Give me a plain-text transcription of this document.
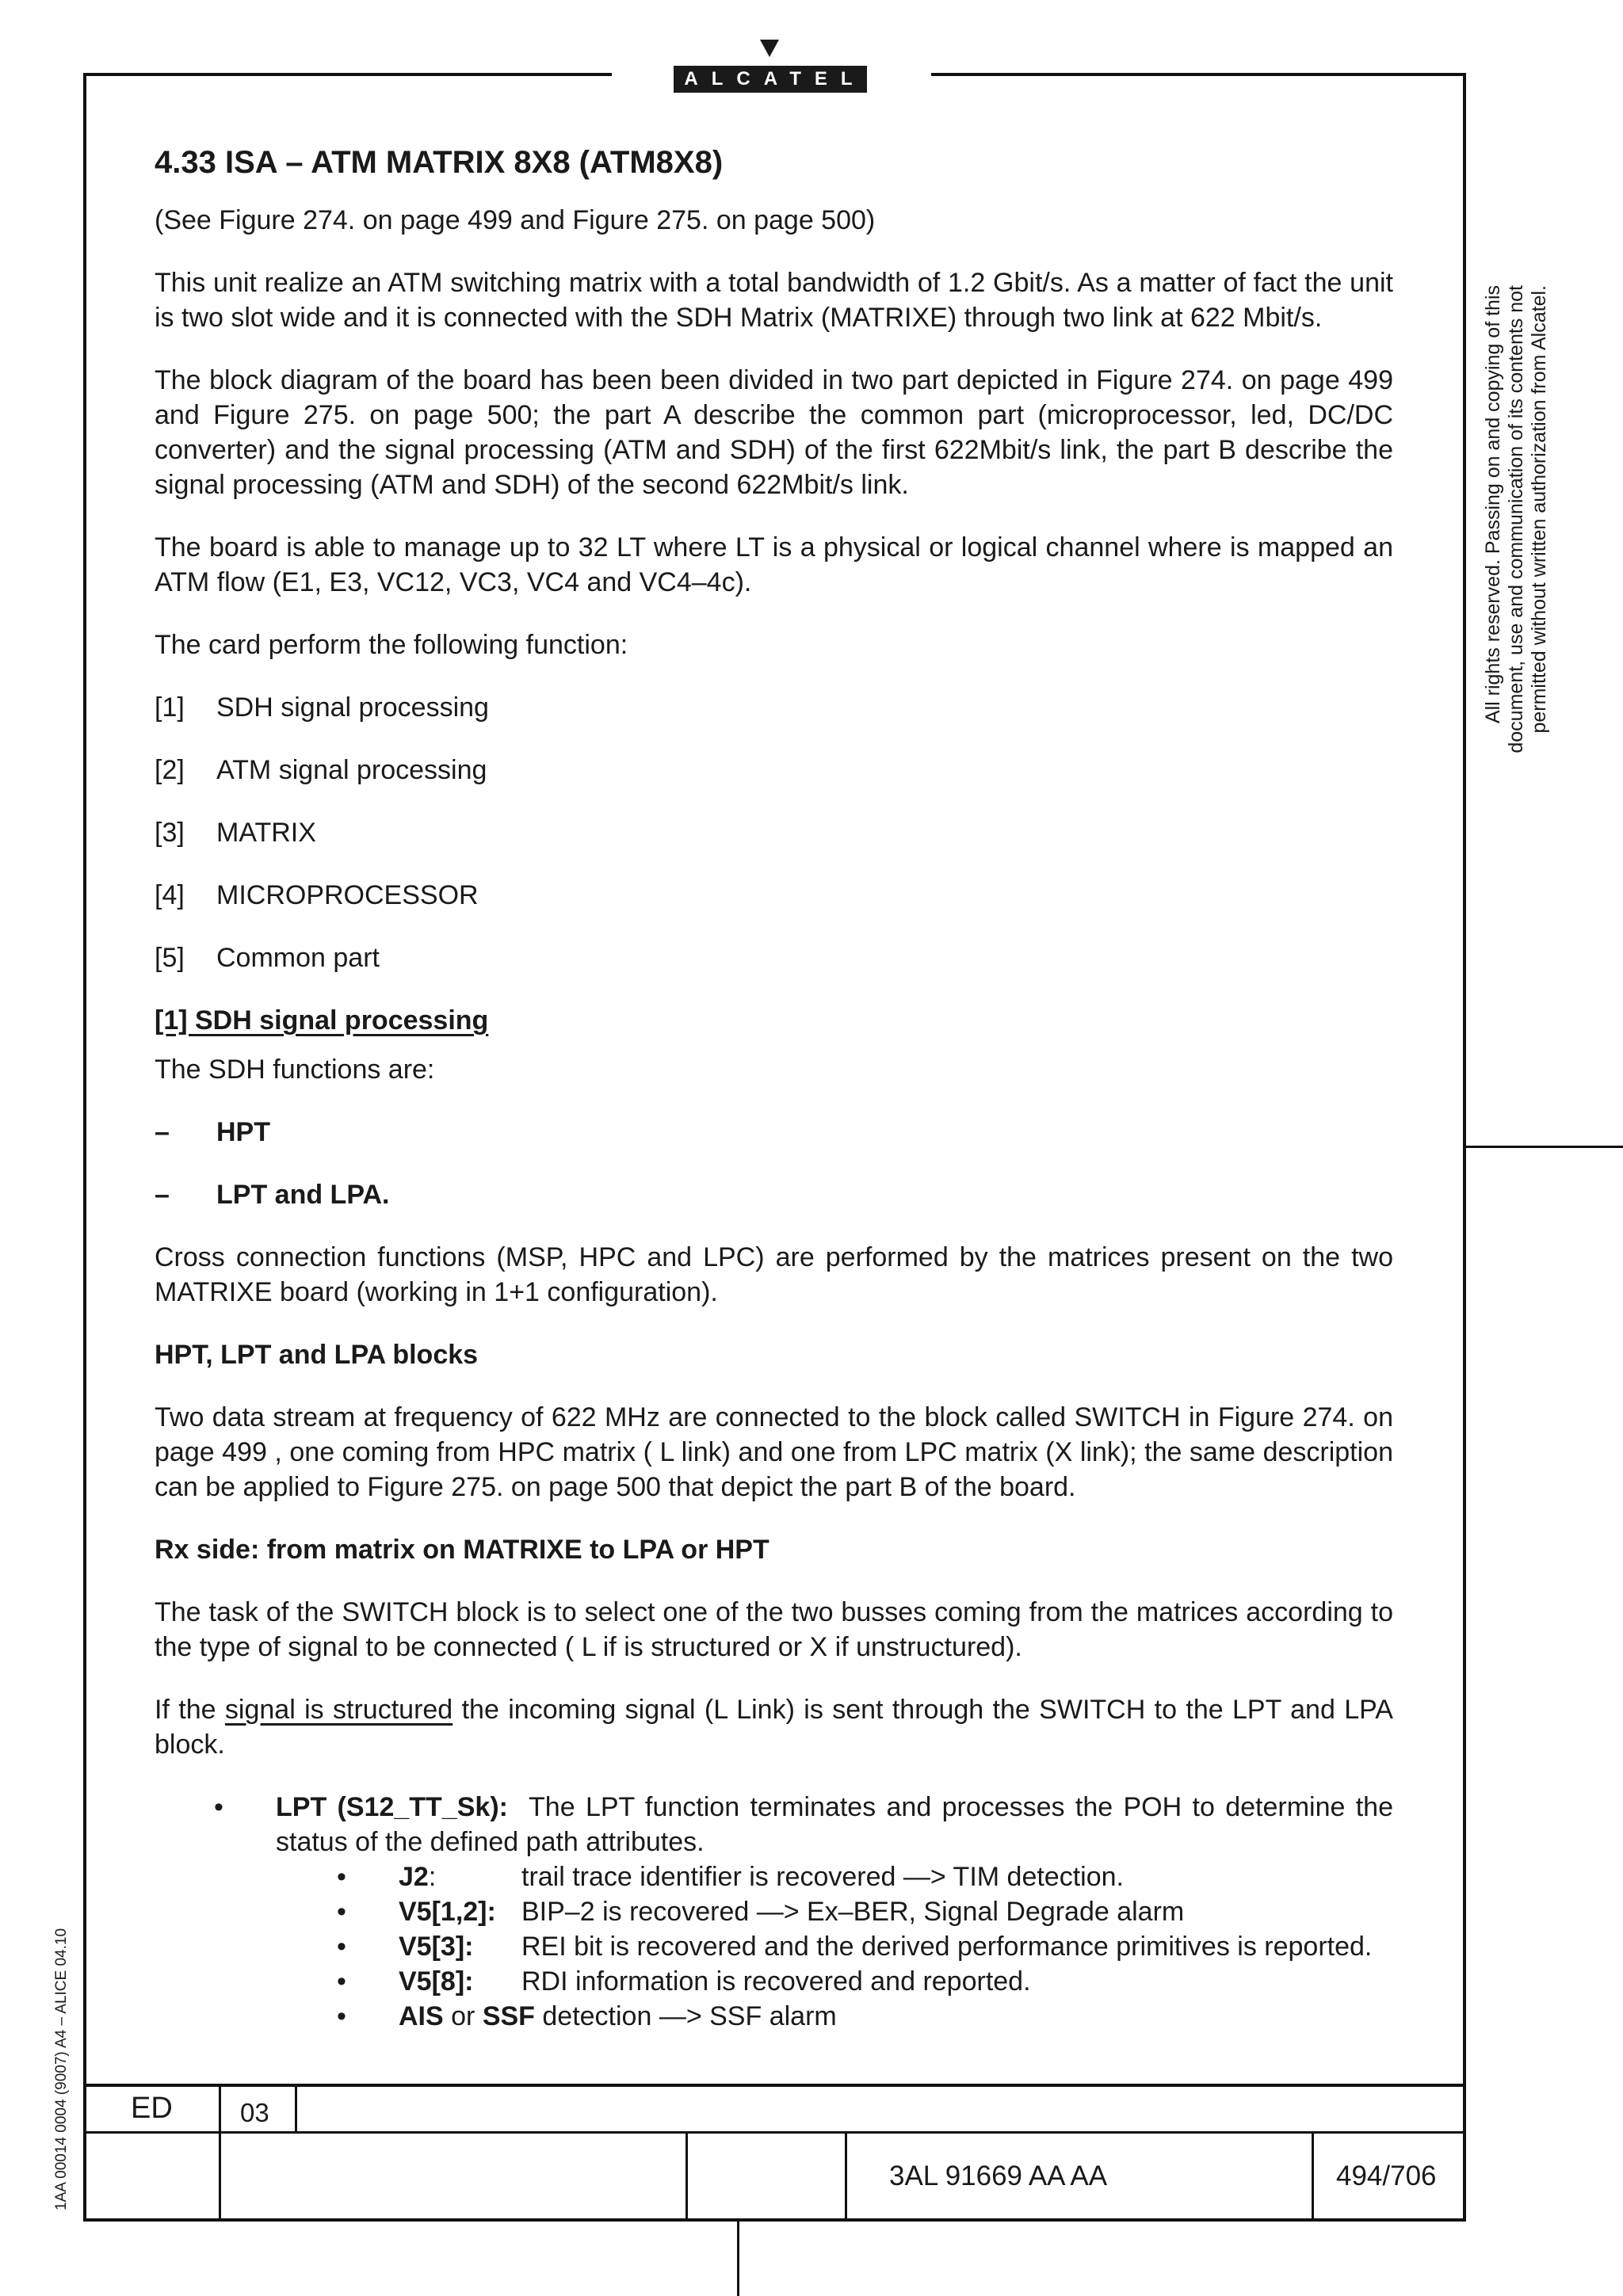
ALCATEL
All rights reserved. Passing on and copying of this document, use and communication of its contents not permitted without written authorization from Alcatel.
1AA 00014 0004 (9007) A4 – ALICE 04.10

4.33 ISA – ATM MATRIX 8X8 (ATM8X8)

(See Figure 274. on page 499 and Figure 275. on page 500)

This unit realize an ATM switching matrix with a total bandwidth of 1.2 Gbit/s. As a matter of fact the unit is two slot wide and it is connected with the SDH Matrix (MATRIXE) through two link at 622 Mbit/s.

The block diagram of the board has been been divided in two part depicted in Figure 274. on page 499 and Figure 275. on page 500; the part A describe the common part (microprocessor, led, DC/DC converter) and the signal processing (ATM and SDH) of the first 622Mbit/s link, the part B describe the signal processing (ATM and SDH) of the second 622Mbit/s link.

The board is able to manage up to 32 LT where LT is a physical or logical channel where is mapped an ATM flow (E1, E3, VC12, VC3, VC4 and VC4–4c).

The card perform the following function:

[1]	SDH signal processing
[2]	ATM signal processing
[3]	MATRIX
[4]	MICROPROCESSOR
[5]	Common part

[1] SDH signal processing

The SDH functions are:

–	HPT
–	LPT and LPA.

Cross connection functions (MSP, HPC and LPC) are performed by the matrices present on the two MATRIXE board (working in 1+1 configuration).

HPT, LPT and LPA blocks

Two data stream at frequency of 622 MHz are connected to the block called SWITCH in Figure 274. on page 499 , one coming from HPC matrix ( L link) and one from LPC matrix (X link); the same description can be applied to Figure 275. on page 500 that depict the part B of the board.

Rx side: from matrix on MATRIXE to LPA or HPT

The task of the SWITCH block is to select one of the two busses coming from the matrices according to the type of signal to be connected ( L if is structured or X if unstructured).

If the signal is structured the incoming signal (L Link) is sent through the SWITCH to the LPT and LPA block.

•	LPT (S12_TT_Sk): The LPT function terminates and processes the POH to determine the status of the defined path attributes.
•	J2:	trail trace identifier is recovered —> TIM detection.
•	V5[1,2]: BIP–2 is recovered —> Ex–BER, Signal Degrade alarm
•	V5[3]:	REI bit is recovered and the derived performance primitives is reported.
•	V5[8]:	RDI information is recovered and reported.
•	AIS or SSF detection —> SSF alarm
ED	03
3AL 91669 AA AA	494/706
